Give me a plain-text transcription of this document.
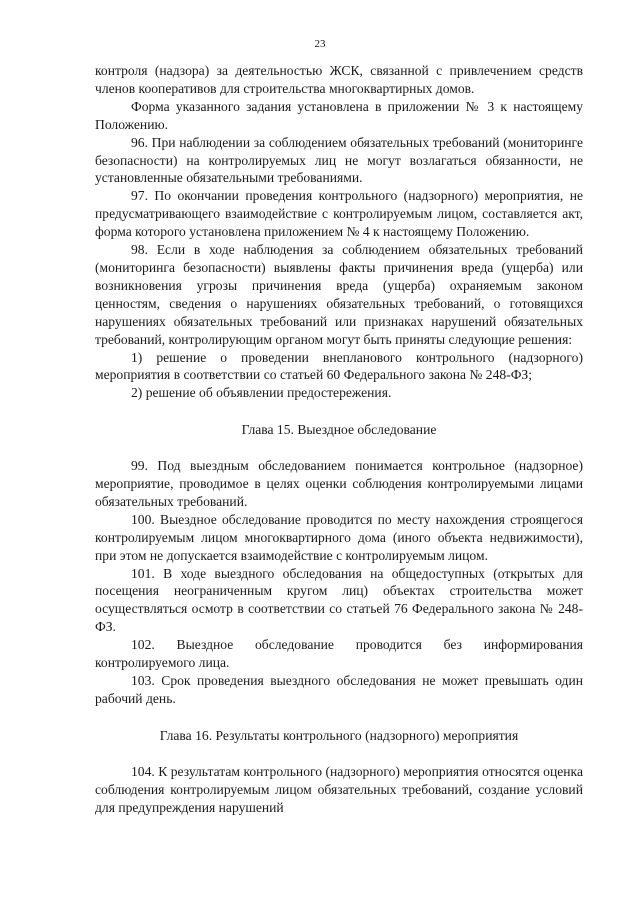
23

контроля (надзора) за деятельностью ЖСК, связанной с привлечением средств членов кооперативов для строительства многоквартирных домов.

Форма указанного задания установлена в приложении № 3 к настоящему Положению.

96. При наблюдении за соблюдением обязательных требований (мониторинге безопасности) на контролируемых лиц не могут возлагаться обязанности, не установленные обязательными требованиями.

97. По окончании проведения контрольного (надзорного) мероприятия, не предусматривающего взаимодействие с контролируемым лицом, составляется акт, форма которого установлена приложением № 4 к настоящему Положению.

98. Если в ходе наблюдения за соблюдением обязательных требований (мониторинга безопасности) выявлены факты причинения вреда (ущерба) или возникновения угрозы причинения вреда (ущерба) охраняемым законом ценностям, сведения о нарушениях обязательных требований, о готовящихся нарушениях обязательных требований или признаках нарушений обязательных требований, контролирующим органом могут быть приняты следующие решения:

1) решение о проведении внепланового контрольного (надзорного) мероприятия в соответствии со статьей 60 Федерального закона № 248-ФЗ;

2) решение об объявлении предостережения.

Глава 15. Выездное обследование

99. Под выездным обследованием понимается контрольное (надзорное) мероприятие, проводимое в целях оценки соблюдения контролируемыми лицами обязательных требований.

100. Выездное обследование проводится по месту нахождения строящегося контролируемым лицом многоквартирного дома (иного объекта недвижимости), при этом не допускается взаимодействие с контролируемым лицом.

101. В ходе выездного обследования на общедоступных (открытых для посещения неограниченным кругом лиц) объектах строительства может осуществляться осмотр в соответствии со статьей 76 Федерального закона № 248-ФЗ.

102. Выездное обследование проводится без информирования контролируемого лица.

103. Срок проведения выездного обследования не может превышать один рабочий день.

Глава 16. Результаты контрольного (надзорного) мероприятия

104. К результатам контрольного (надзорного) мероприятия относятся оценка соблюдения контролируемым лицом обязательных требований, создание условий для предупреждения нарушений
